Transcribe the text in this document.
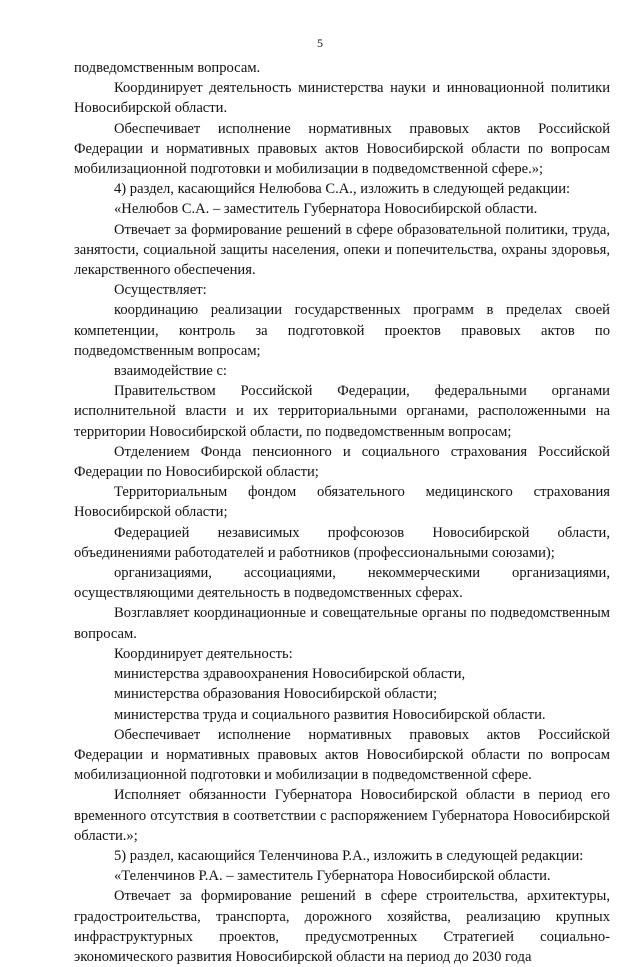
5

подведомственным вопросам.

Координирует деятельность министерства науки и инновационной политики Новосибирской области.

Обеспечивает исполнение нормативных правовых актов Российской Федерации и нормативных правовых актов Новосибирской области по вопросам мобилизационной подготовки и мобилизации в подведомственной сфере.»;

4) раздел, касающийся Нелюбова С.А., изложить в следующей редакции:

«Нелюбов С.А. – заместитель Губернатора Новосибирской области.

Отвечает за формирование решений в сфере образовательной политики, труда, занятости, социальной защиты населения, опеки и попечительства, охраны здоровья, лекарственного обеспечения.

Осуществляет:

координацию реализации государственных программ в пределах своей компетенции, контроль за подготовкой проектов правовых актов по подведомственным вопросам;

взаимодействие с:

Правительством Российской Федерации, федеральными органами исполнительной власти и их территориальными органами, расположенными на территории Новосибирской области, по подведомственным вопросам;

Отделением Фонда пенсионного и социального страхования Российской Федерации по Новосибирской области;

Территориальным фондом обязательного медицинского страхования Новосибирской области;

Федерацией независимых профсоюзов Новосибирской области, объединениями работодателей и работников (профессиональными союзами);

организациями, ассоциациями, некоммерческими организациями, осуществляющими деятельность в подведомственных сферах.

Возглавляет координационные и совещательные органы по подведомственным вопросам.

Координирует деятельность:

министерства здравоохранения Новосибирской области,

министерства образования Новосибирской области;

министерства труда и социального развития Новосибирской области.

Обеспечивает исполнение нормативных правовых актов Российской Федерации и нормативных правовых актов Новосибирской области по вопросам мобилизационной подготовки и мобилизации в подведомственной сфере.

Исполняет обязанности Губернатора Новосибирской области в период его временного отсутствия в соответствии с распоряжением Губернатора Новосибирской области.»;

5) раздел, касающийся Теленчинова Р.А., изложить в следующей редакции:

«Теленчинов Р.А. – заместитель Губернатора Новосибирской области.

Отвечает за формирование решений в сфере строительства, архитектуры, градостроительства, транспорта, дорожного хозяйства, реализацию крупных инфраструктурных проектов, предусмотренных Стратегией социально-экономического развития Новосибирской области на период до 2030 года
